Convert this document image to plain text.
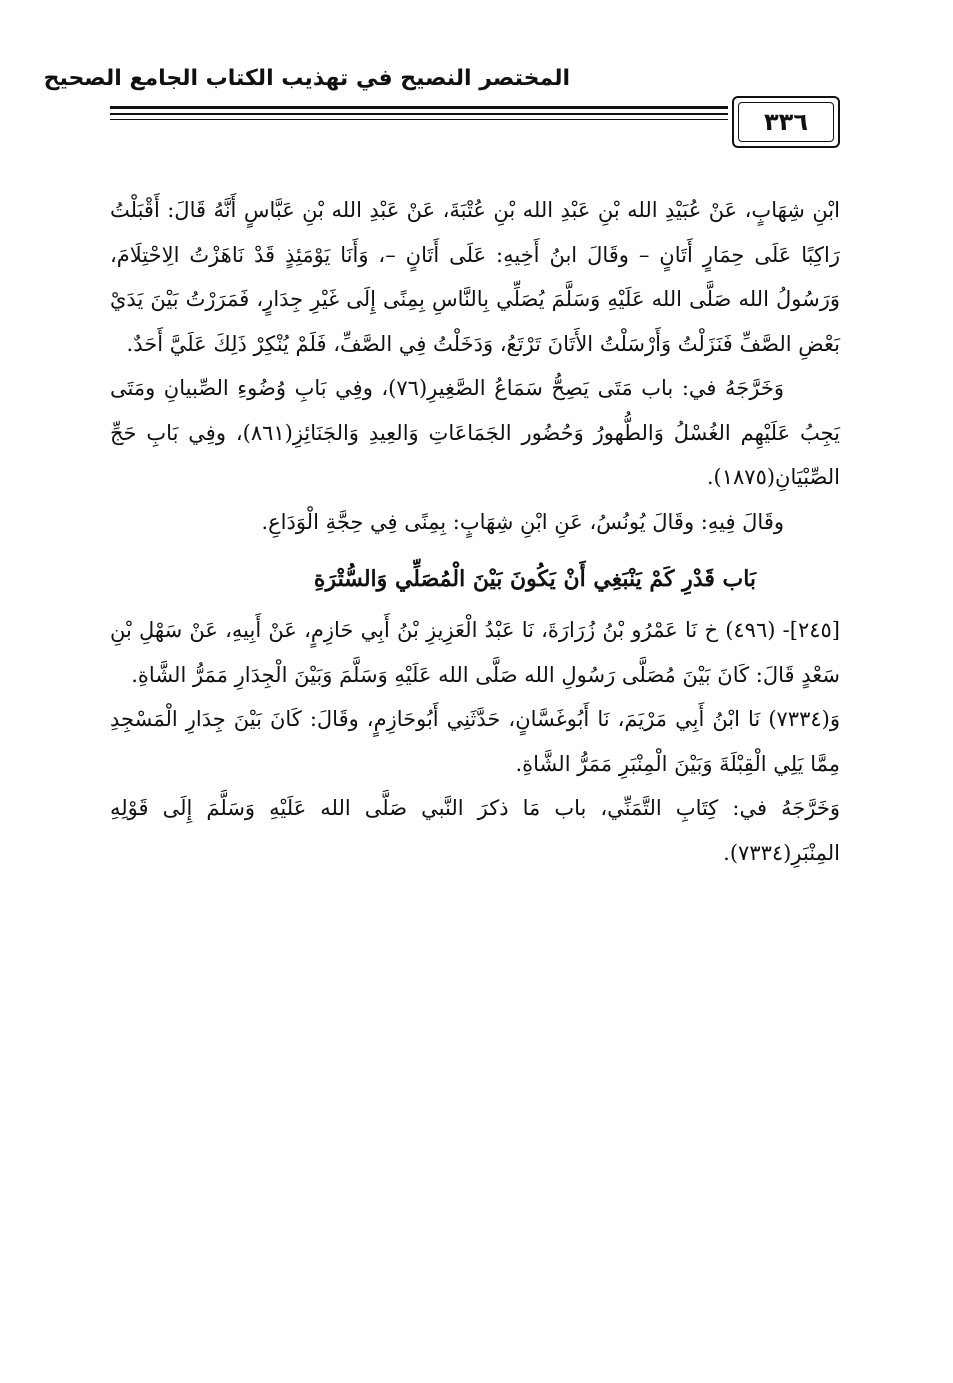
المختصر النصيح في تهذيب الكتاب الجامع الصحيح
٣٣٦

ابْنِ شِهَابٍ، عَنْ عُبَيْدِ الله بْنِ عَبْدِ الله بْنِ عُتْبَةَ، عَنْ عَبْدِ الله بْنِ عَبَّاسٍ أَنَّهُ قَالَ: أَقْبَلْتُ رَاكِبًا عَلَى حِمَارٍ أَتَانٍ – وقَالَ ابنُ أَخِيهِ: عَلَى أَتَانٍ –، وَأَنَا يَوْمَئِذٍ قَدْ نَاهَزْتُ الِاحْتِلَامَ، وَرَسُولُ الله صَلَّى الله عَلَيْهِ وَسَلَّمَ يُصَلِّي بِالنَّاسِ بِمِنًى إِلَى غَيْرِ جِدَارٍ، فَمَرَرْتُ بَيْنَ يَدَيْ بَعْضِ الصَّفِّ فَنَزَلْتُ وَأَرْسَلْتُ الأَتَانَ تَرْتَعُ، وَدَخَلْتُ فِي الصَّفِّ، فَلَمْ يُنْكِرْ ذَلِكَ عَلَيَّ أَحَدٌ.

وَخَرَّجَهُ في: باب مَتَى يَصِحُّ سَمَاعُ الصَّغِيرِ(٧٦)، وفِي بَابِ وُضُوءِ الصِّبيانِ ومَتَى يَجِبُ عَلَيْهِم الغُسْلُ وَالطُّهورُ وَحُضُور الجَمَاعَاتِ وَالعِيدِ وَالجَنَائِزِ(٨٦١)، وفِي بَابِ حَجِّ الصِّبْيَانِ(١٨٧٥).

وقَالَ فِيهِ: وقَالَ يُونُسُ، عَنِ ابْنِ شِهَابٍ: بِمِنًى فِي حِجَّةِ الْوَدَاعِ.

بَاب قَدْرِ كَمْ يَنْبَغِي أَنْ يَكُونَ بَيْنَ الْمُصَلِّي وَالسُّتْرَةِ

[٢٤٥]- (٤٩٦) خ نَا عَمْرُو بْنُ زُرَارَةَ، نَا عَبْدُ الْعَزِيزِ بْنُ أَبِي حَازِمٍ، عَنْ أَبِيهِ، عَنْ سَهْلِ بْنِ سَعْدٍ قَالَ: كَانَ بَيْنَ مُصَلَّى رَسُولِ الله صَلَّى الله عَلَيْهِ وَسَلَّمَ وَبَيْنَ الْجِدَارِ مَمَرُّ الشَّاةِ.

وَ(٧٣٣٤) نَا ابْنُ أَبِي مَرْيَمَ، نَا أَبُوغَسَّانٍ، حَدَّثَنِي أَبُوحَازِمٍ، وقَالَ: كَانَ بَيْنَ جِدَارِ الْمَسْجِدِ مِمَّا يَلِي الْقِبْلَةَ وَبَيْنَ الْمِنْبَرِ مَمَرُّ الشَّاةِ.

وَخَرَّجَهُ في: كِتَابِ التَّمَنِّي، باب مَا ذكرَ النَّبي صَلَّى الله عَلَيْهِ وَسَلَّمَ إِلَى قَوْلِهِ المِنْبَرِ(٧٣٣٤).
